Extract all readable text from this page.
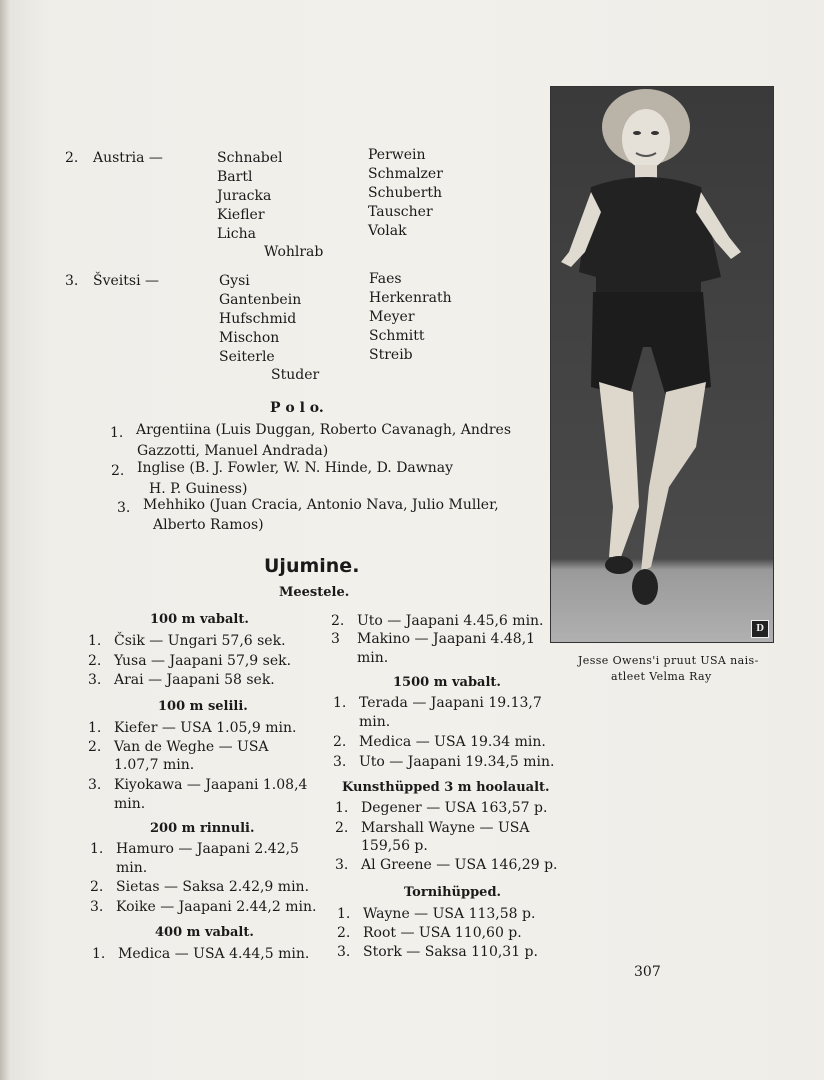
2. Austria —	Schnabel
Bartl
Juracka
Kiefler
Licha
Perwein
Schmalzer
Schuberth
Tauscher
Volak
Wohlrab
3. Šveitsi —	Gysi
Gantenbein
Hufschmid
Mischon
Seiterle
Faes
Herkenrath
Meyer
Schmitt
Streib
Studer
P o l o.
1. Argentiina (Luis Duggan, Roberto Cavanagh, Andres
Gazzotti, Manuel Andrada)
2. Inglise (B. J. Fowler, W. N. Hinde, D. Dawnay
H. P. Guiness)
3. Mehhiko (Juan Cracia, Antonio Nava, Julio Muller,
Alberto Ramos)
D
Jesse Owens'i pruut USA nais-
atleet Velma Ray
Ujumine.
Meestele.
100 m vabalt.
1. Čsik — Ungari 57,6 sek.
2. Yusa — Jaapani 57,9 sek.
3. Arai — Jaapani 58 sek.
100 m selili.
1. Kiefer — USA 1.05,9 min.
2. Van de Weghe — USA
1.07,7 min.
3. Kiyokawa — Jaapani 1.08,4
min.
200 m rinnuli.
1. Hamuro — Jaapani 2.42,5
min.
2. Sietas — Saksa 2.42,9 min.
3. Koike — Jaapani 2.44,2 min.
400 m vabalt.
1. Medica — USA 4.44,5 min.
2. Uto — Jaapani 4.45,6 min.
3 Makino — Jaapani 4.48,1
min.
1500 m vabalt.
1. Terada — Jaapani 19.13,7
min.
2. Medica — USA 19.34 min.
3. Uto — Jaapani 19.34,5 min.
Kunsthüpped 3 m hoolaualt.
1. Degener — USA 163,57 p.
2. Marshall Wayne — USA
159,56 p.
3. Al Greene — USA 146,29 p.
Tornihüpped.
1. Wayne — USA 113,58 p.
2. Root — USA 110,60 p.
3. Stork — Saksa 110,31 p.
307
